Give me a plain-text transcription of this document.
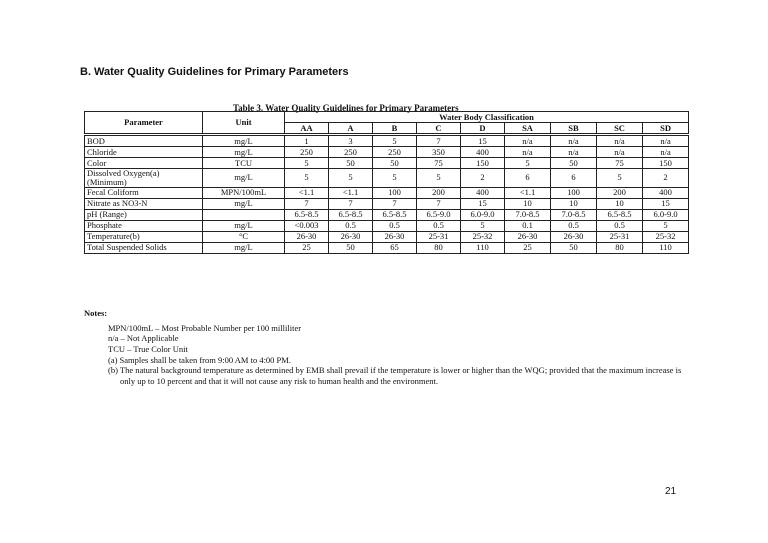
B. Water Quality Guidelines for Primary Parameters
Table 3. Water Quality Guidelines for Primary Parameters
Parameter	Unit	Water Body Classification								
		AA	A	B	C	D	SA	SB	SC	SD
BOD	mg/L	1	3	5	7	15	n/a	n/a	n/a	n/a
Chloride	mg/L	250	250	250	350	400	n/a	n/a	n/a	n/a
Color	TCU	5	50	50	75	150	5	50	75	150
Dissolved Oxygen(a) (Minimum)	mg/L	5	5	5	5	2	6	6	5	2
Fecal Coliform	MPN/100mL	<1.1	<1.1	100	200	400	<1.1	100	200	400
Nitrate as NO3-N	mg/L	7	7	7	7	15	10	10	10	15
pH (Range)		6.5-8.5	6.5-8.5	6.5-8.5	6.5-9.0	6.0-9.0	7.0-8.5	7.0-8.5	6.5-8.5	6.0-9.0
Phosphate	mg/L	<0.003	0.5	0.5	0.5	5	0.1	0.5	0.5	5
Temperature(b)	°C	26-30	26-30	26-30	25-31	25-32	26-30	26-30	25-31	25-32
Total Suspended Solids	mg/L	25	50	65	80	110	25	50	80	110
Notes:
MPN/100mL – Most Probable Number per 100 milliliter
n/a – Not Applicable
TCU – True Color Unit
(a) Samples shall be taken from 9:00 AM to 4:00 PM.
(b) The natural background temperature as determined by EMB shall prevail if the temperature is lower or higher than the WQG; provided that the maximum increase is only up to 10 percent and that it will not cause any risk to human health and the environment.
21
